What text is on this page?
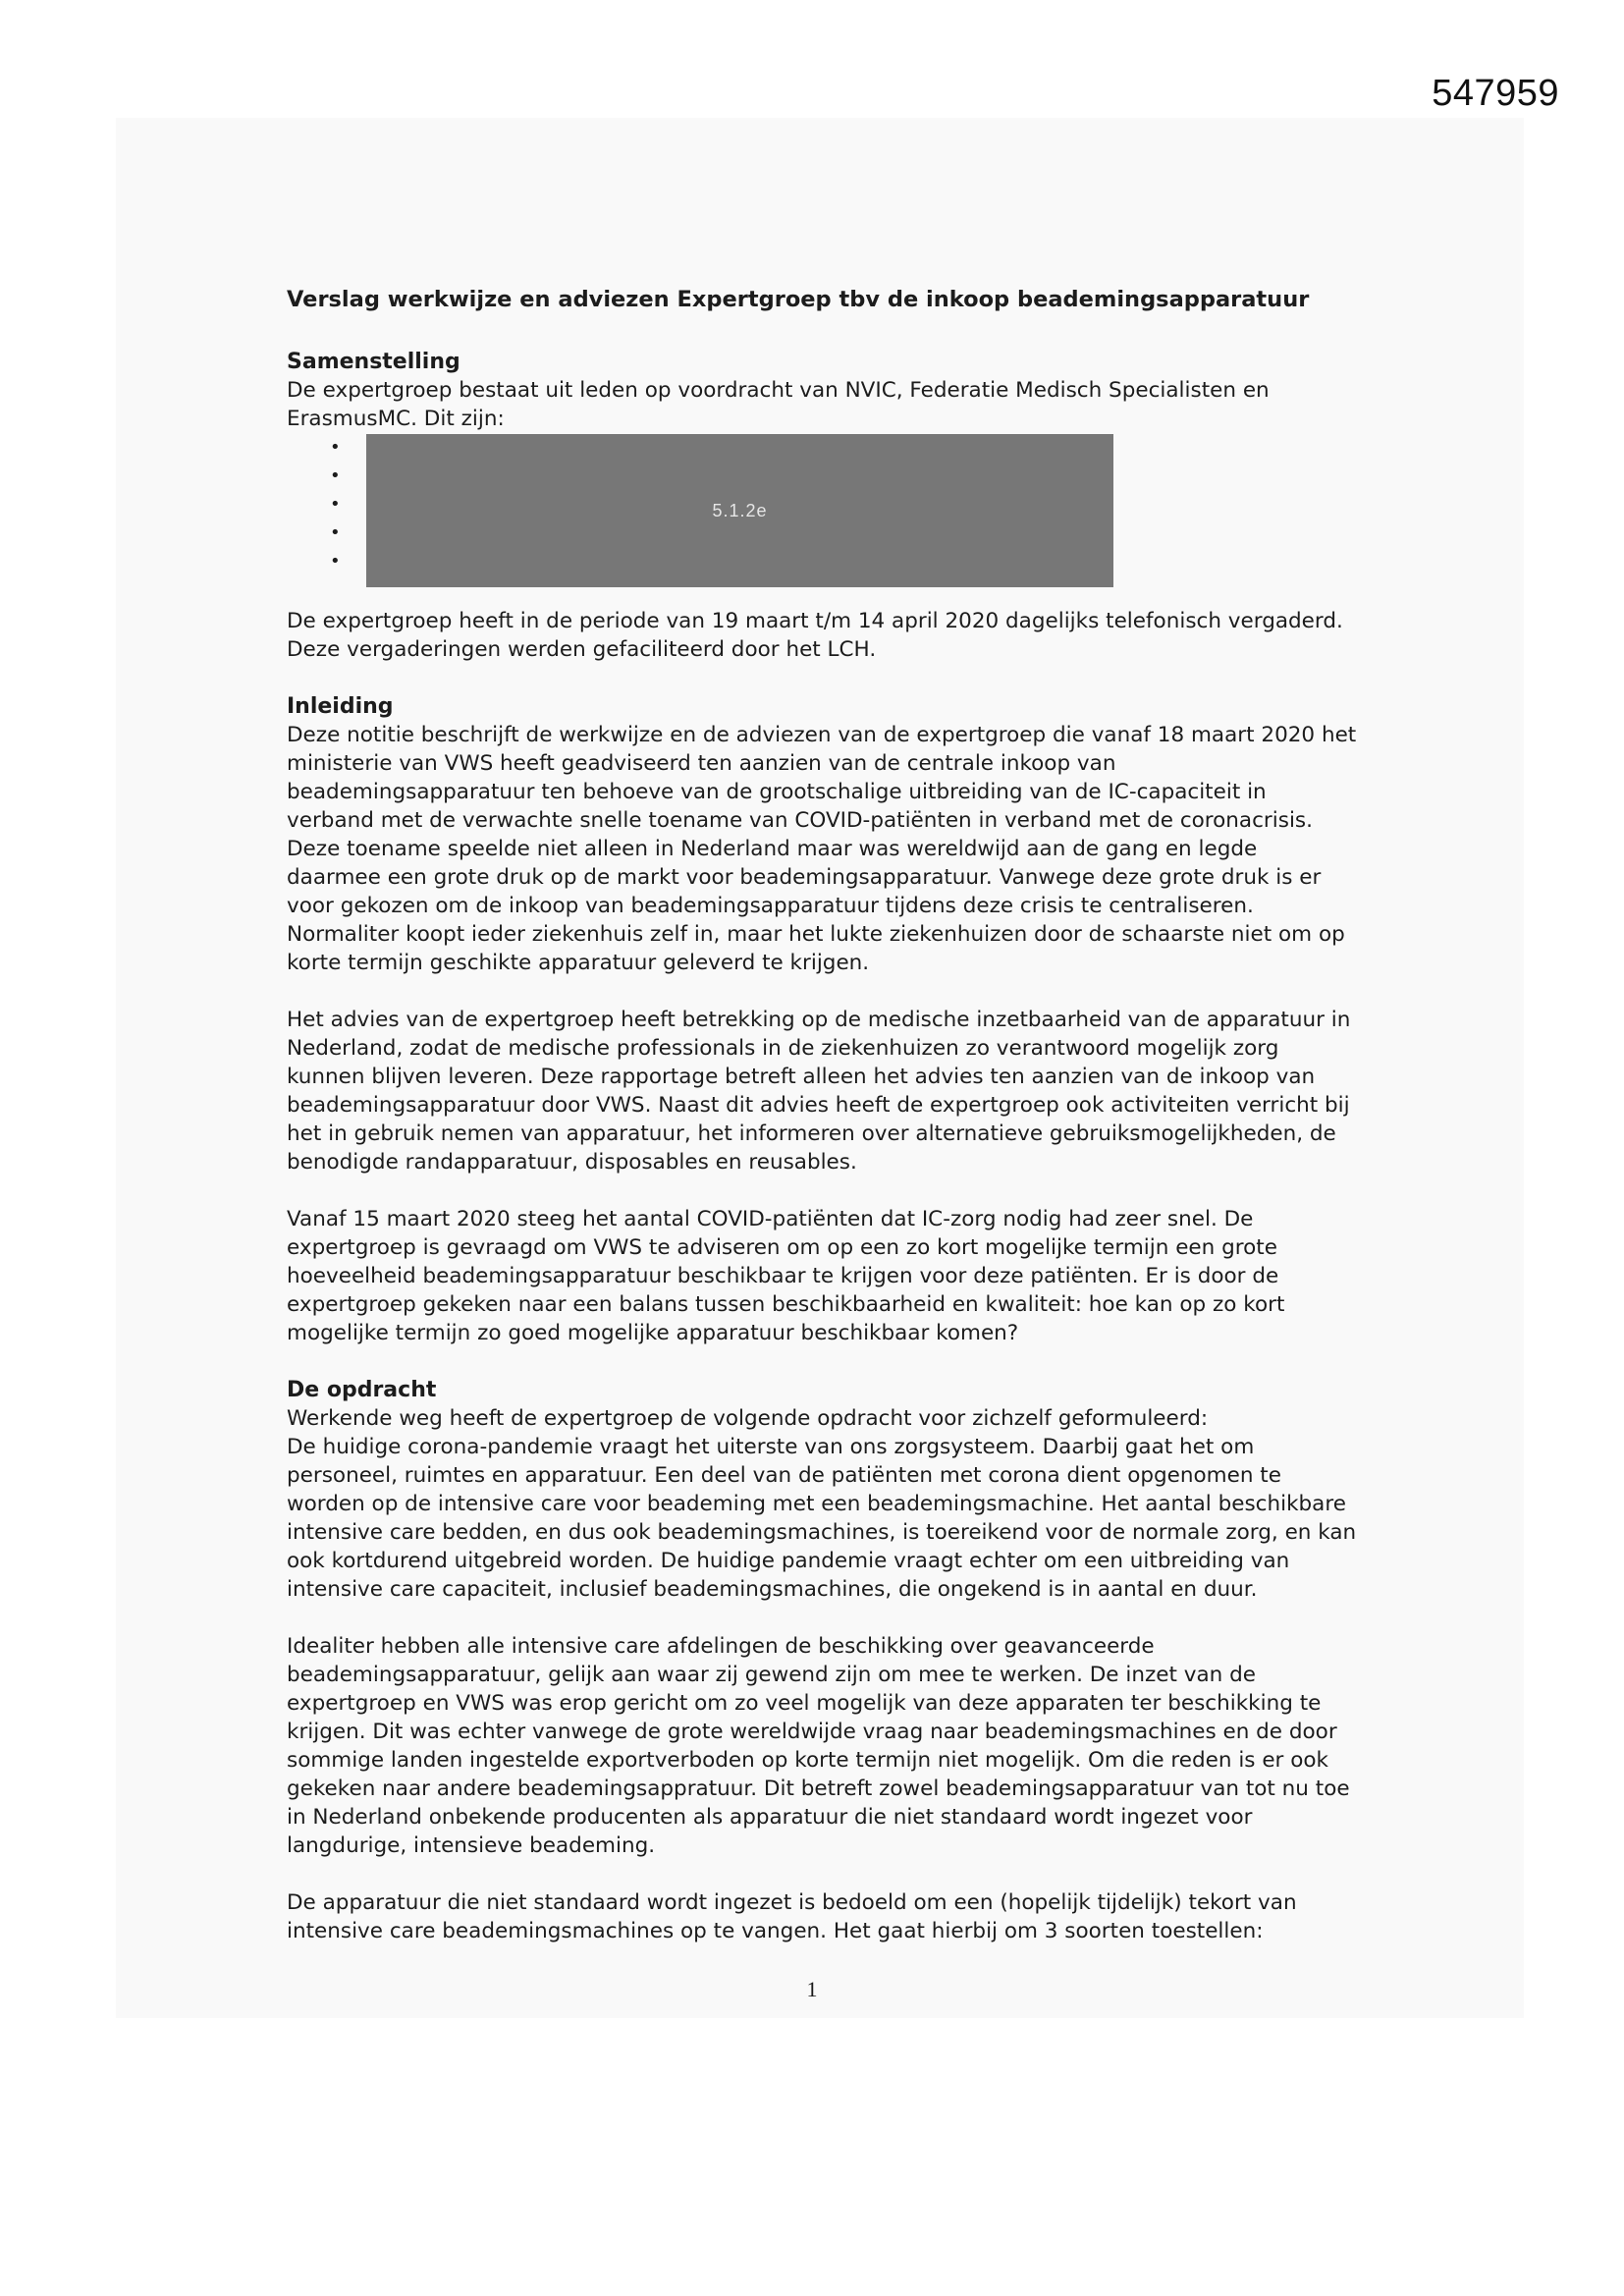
547959
Verslag werkwijze en adviezen Expertgroep tbv de inkoop beademingsapparatuur
Samenstelling

De expertgroep bestaat uit leden op voordracht van NVIC, Federatie Medisch Specialisten en ErasmusMC. Dit zijn:

•
•
•
•
•
5.1.2e

De expertgroep heeft in de periode van 19 maart t/m 14 april 2020 dagelijks telefonisch vergaderd. Deze vergaderingen werden gefaciliteerd door het LCH.

Inleiding

Deze notitie beschrijft de werkwijze en de adviezen van de expertgroep die vanaf 18 maart 2020 het ministerie van VWS heeft geadviseerd ten aanzien van de centrale inkoop van beademingsapparatuur ten behoeve van de grootschalige uitbreiding van de IC-capaciteit in verband met de verwachte snelle toename van COVID-patiënten in verband met de coronacrisis. Deze toename speelde niet alleen in Nederland maar was wereldwijd aan de gang en legde daarmee een grote druk op de markt voor beademingsapparatuur. Vanwege deze grote druk is er voor gekozen om de inkoop van beademingsapparatuur tijdens deze crisis te centraliseren. Normaliter koopt ieder ziekenhuis zelf in, maar het lukte ziekenhuizen door de schaarste niet om op korte termijn geschikte apparatuur geleverd te krijgen.

Het advies van de expertgroep heeft betrekking op de medische inzetbaarheid van de apparatuur in Nederland, zodat de medische professionals in de ziekenhuizen zo verantwoord mogelijk zorg kunnen blijven leveren. Deze rapportage betreft alleen het advies ten aanzien van de inkoop van beademingsapparatuur door VWS. Naast dit advies heeft de expertgroep ook activiteiten verricht bij het in gebruik nemen van apparatuur, het informeren over alternatieve gebruiksmogelijkheden, de benodigde randapparatuur, disposables en reusables.

Vanaf 15 maart 2020 steeg het aantal COVID-patiënten dat IC-zorg nodig had zeer snel. De expertgroep is gevraagd om VWS te adviseren om op een zo kort mogelijke termijn een grote hoeveelheid beademingsapparatuur beschikbaar te krijgen voor deze patiënten. Er is door de expertgroep gekeken naar een balans tussen beschikbaarheid en kwaliteit: hoe kan op zo kort mogelijke termijn zo goed mogelijke apparatuur beschikbaar komen?

De opdracht

Werkende weg heeft de expertgroep de volgende opdracht voor zichzelf geformuleerd:

De huidige corona-pandemie vraagt het uiterste van ons zorgsysteem. Daarbij gaat het om personeel, ruimtes en apparatuur. Een deel van de patiënten met corona dient opgenomen te worden op de intensive care voor beademing met een beademingsmachine. Het aantal beschikbare intensive care bedden, en dus ook beademingsmachines, is toereikend voor de normale zorg, en kan ook kortdurend uitgebreid worden. De huidige pandemie vraagt echter om een uitbreiding van intensive care capaciteit, inclusief beademingsmachines, die ongekend is in aantal en duur.

Idealiter hebben alle intensive care afdelingen de beschikking over geavanceerde beademingsapparatuur, gelijk aan waar zij gewend zijn om mee te werken. De inzet van de expertgroep en VWS was erop gericht om zo veel mogelijk van deze apparaten ter beschikking te krijgen. Dit was echter vanwege de grote wereldwijde vraag naar beademingsmachines en de door sommige landen ingestelde exportverboden op korte termijn niet mogelijk. Om die reden is er ook gekeken naar andere beademingsappratuur. Dit betreft zowel beademingsapparatuur van tot nu toe in Nederland onbekende producenten als apparatuur die niet standaard wordt ingezet voor langdurige, intensieve beademing.

De apparatuur die niet standaard wordt ingezet is bedoeld om een (hopelijk tijdelijk) tekort van intensive care beademingsmachines op te vangen. Het gaat hierbij om 3 soorten toestellen:

1
